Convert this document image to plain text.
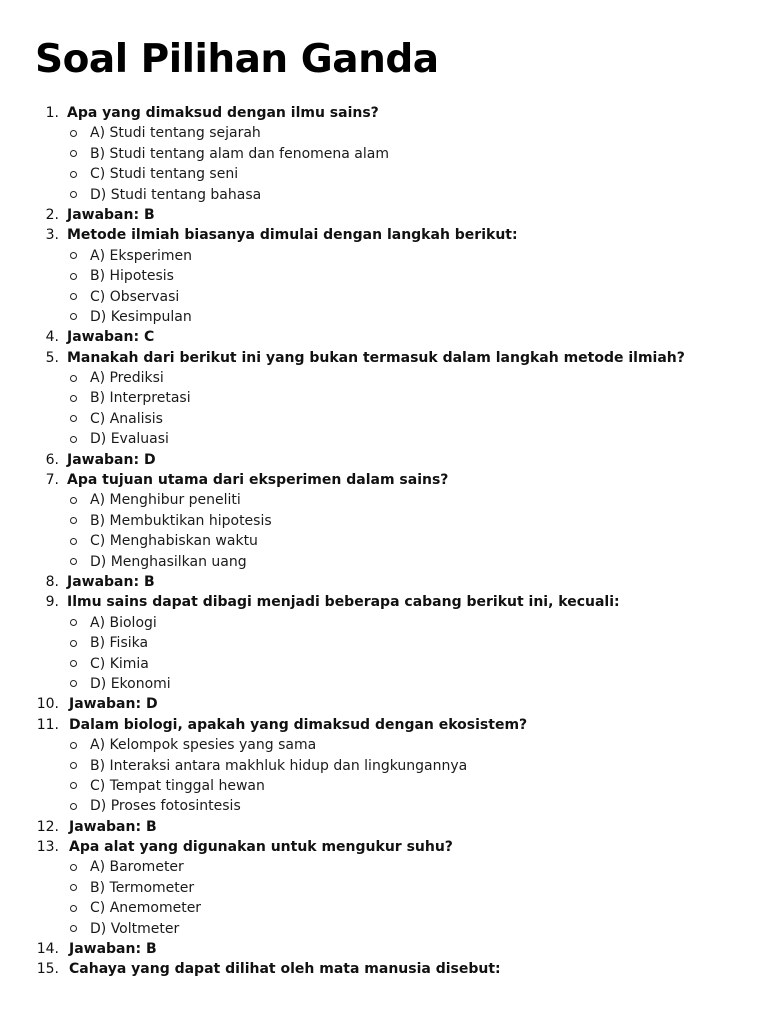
Soal Pilihan Ganda
1. Apa yang dimaksud dengan ilmu sains?
A) Studi tentang sejarah
B) Studi tentang alam dan fenomena alam
C) Studi tentang seni
D) Studi tentang bahasa
2. Jawaban: B
3. Metode ilmiah biasanya dimulai dengan langkah berikut:
A) Eksperimen
B) Hipotesis
C) Observasi
D) Kesimpulan
4. Jawaban: C
5. Manakah dari berikut ini yang bukan termasuk dalam langkah metode ilmiah?
A) Prediksi
B) Interpretasi
C) Analisis
D) Evaluasi
6. Jawaban: D
7. Apa tujuan utama dari eksperimen dalam sains?
A) Menghibur peneliti
B) Membuktikan hipotesis
C) Menghabiskan waktu
D) Menghasilkan uang
8. Jawaban: B
9. Ilmu sains dapat dibagi menjadi beberapa cabang berikut ini, kecuali:
A) Biologi
B) Fisika
C) Kimia
D) Ekonomi
10. Jawaban: D
11. Dalam biologi, apakah yang dimaksud dengan ekosistem?
A) Kelompok spesies yang sama
B) Interaksi antara makhluk hidup dan lingkungannya
C) Tempat tinggal hewan
D) Proses fotosintesis
12. Jawaban: B
13. Apa alat yang digunakan untuk mengukur suhu?
A) Barometer
B) Termometer
C) Anemometer
D) Voltmeter
14. Jawaban: B
15. Cahaya yang dapat dilihat oleh mata manusia disebut:
